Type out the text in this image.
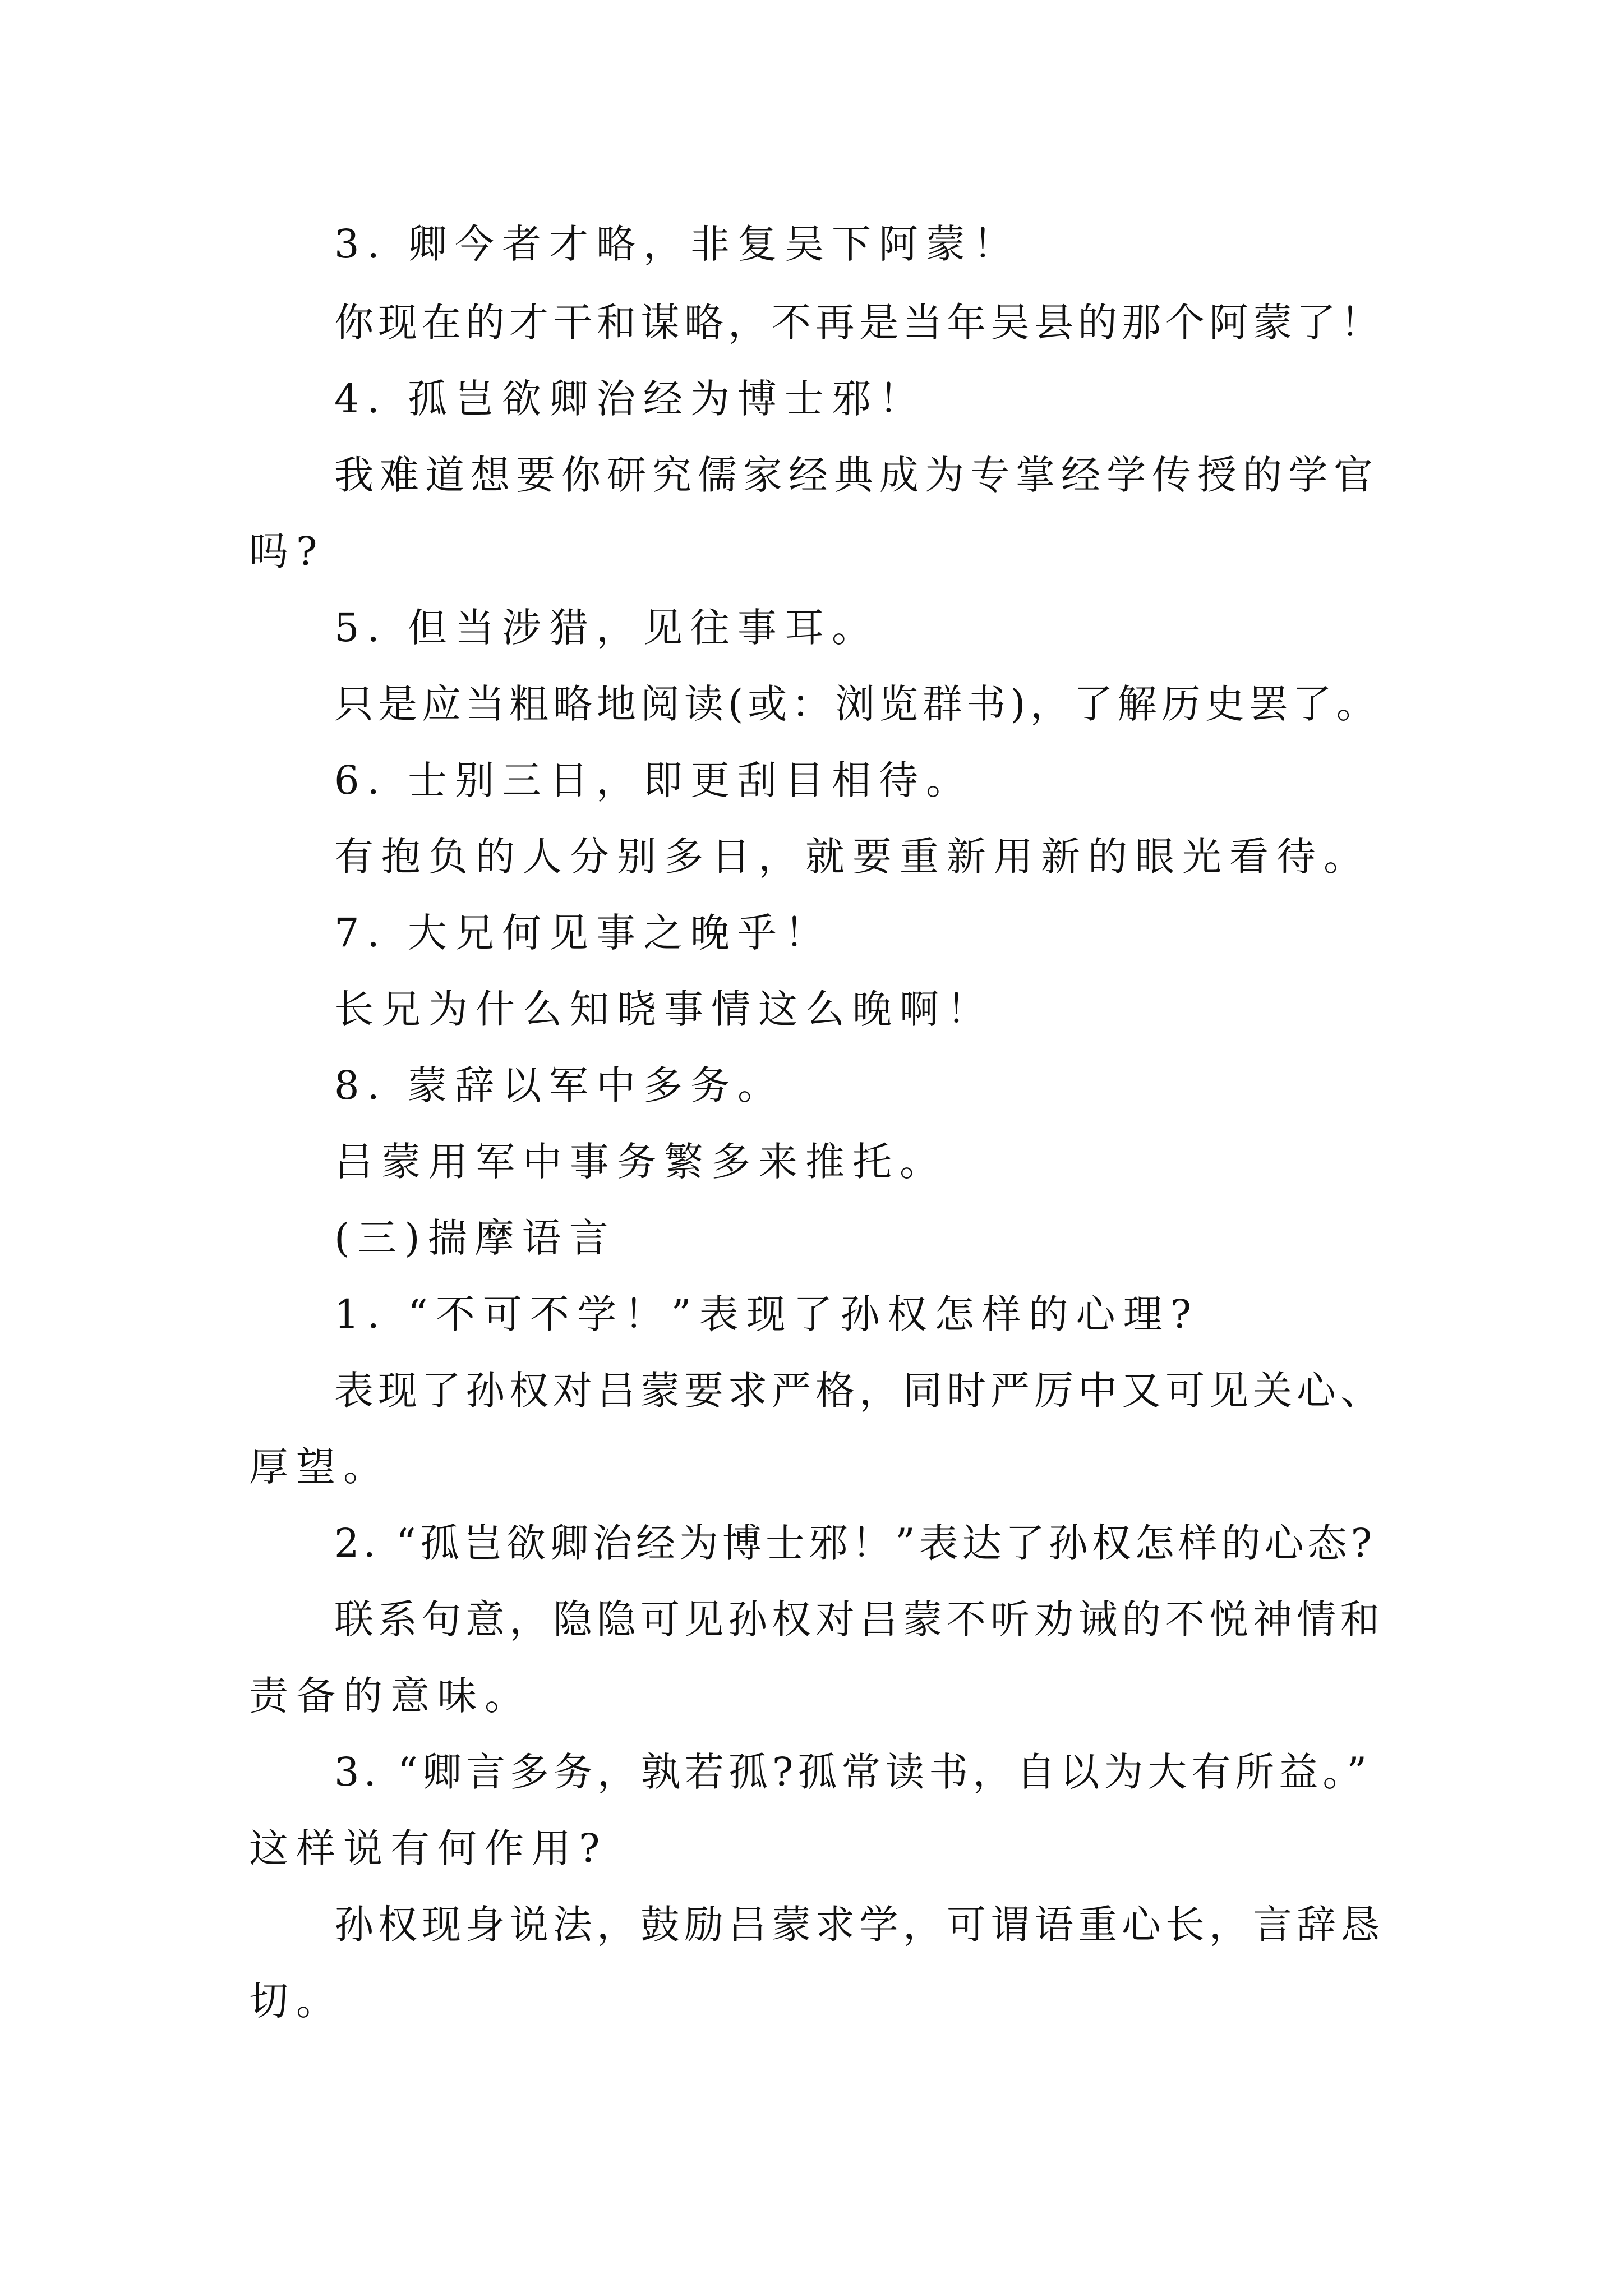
3. 卿今者才略，非复吴下阿蒙！
你现在的才干和谋略，不再是当年吴县的那个阿蒙了！
4. 孤岂欲卿治经为博士邪！
我难道想要你研究儒家经典成为专掌经学传授的学官
吗?
5. 但当涉猎，见往事耳。
只是应当粗略地阅读(或：浏览群书)，了解历史罢了。
6. 士别三日，即更刮目相待。
有抱负的人分别多日，就要重新用新的眼光看待。
7. 大兄何见事之晚乎！
长兄为什么知晓事情这么晚啊！
8. 蒙辞以军中多务。
吕蒙用军中事务繁多来推托。
(三)揣摩语言
1. “不可不学！”表现了孙权怎样的心理?
表现了孙权对吕蒙要求严格，同时严厉中又可见关心、
厚望。
2. “孤岂欲卿治经为博士邪！”表达了孙权怎样的心态?
联系句意，隐隐可见孙权对吕蒙不听劝诫的不悦神情和
责备的意味。
3. “卿言多务，孰若孤?孤常读书，自以为大有所益。”
这样说有何作用?
孙权现身说法，鼓励吕蒙求学，可谓语重心长，言辞恳
切。
